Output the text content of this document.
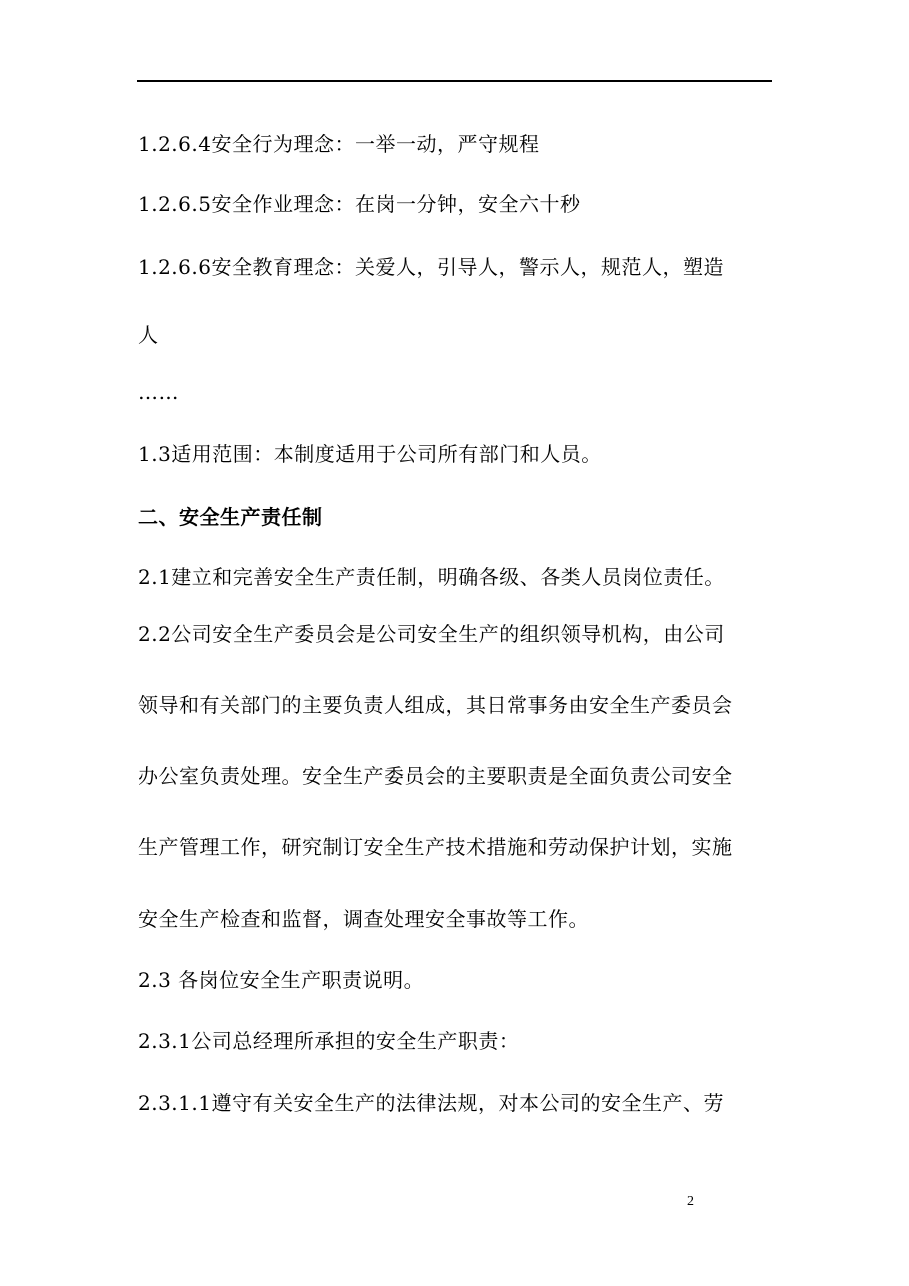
1.2.6.4安全行为理念：一举一动，严守规程
1.2.6.5安全作业理念：在岗一分钟，安全六十秒
1.2.6.6安全教育理念：关爱人，引导人，警示人，规范人，塑造
人
……
1.3适用范围：本制度适用于公司所有部门和人员。
二、安全生产责任制
2.1建立和完善安全生产责任制，明确各级、各类人员岗位责任。
2.2公司安全生产委员会是公司安全生产的组织领导机构，由公司
领导和有关部门的主要负责人组成，其日常事务由安全生产委员会
办公室负责处理。安全生产委员会的主要职责是全面负责公司安全
生产管理工作，研究制订安全生产技术措施和劳动保护计划，实施
安全生产检查和监督，调查处理安全事故等工作。
2.3 各岗位安全生产职责说明。
2.3.1公司总经理所承担的安全生产职责：
2.3.1.1遵守有关安全生产的法律法规，对本公司的安全生产、劳
2
